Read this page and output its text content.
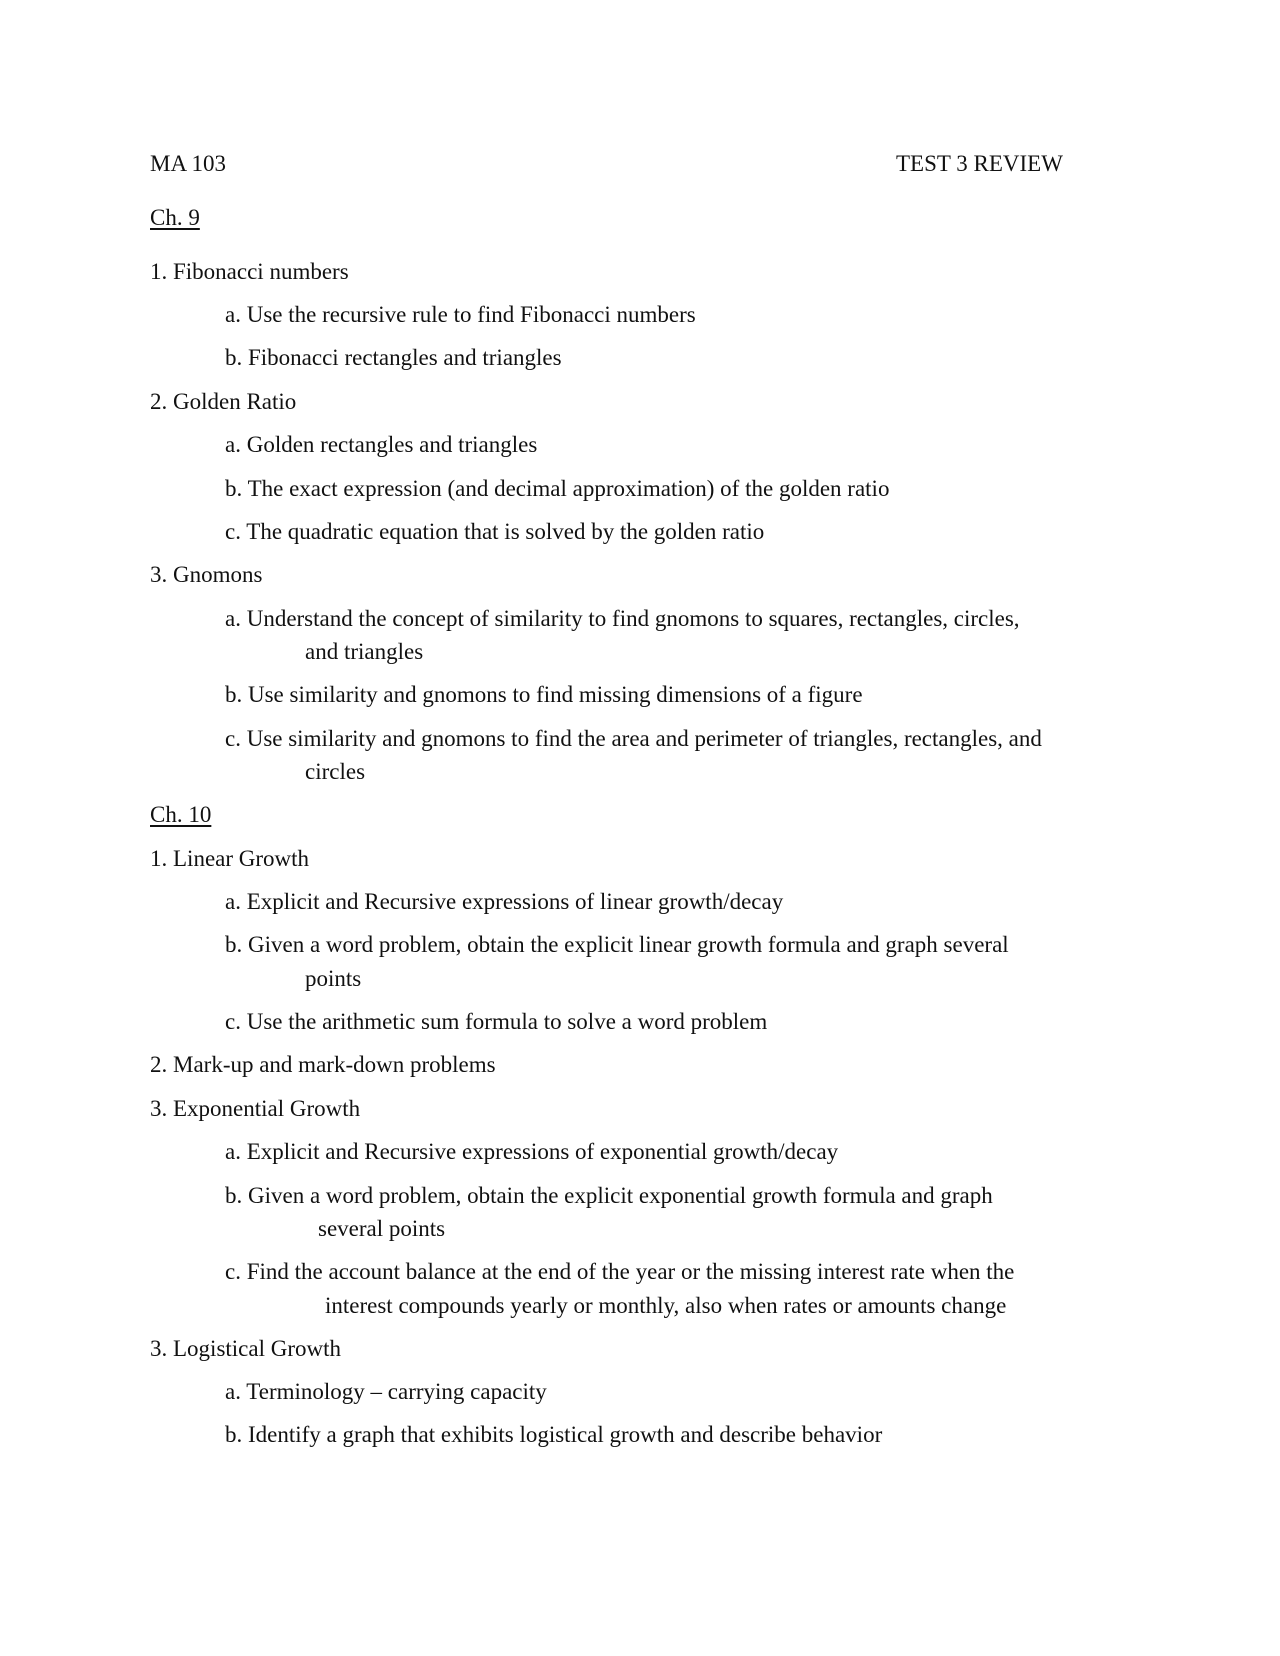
MA 103	TEST 3 REVIEW
Ch. 9
1. Fibonacci numbers
a. Use the recursive rule to find Fibonacci numbers
b. Fibonacci rectangles and triangles
2. Golden Ratio
a. Golden rectangles and triangles
b. The exact expression (and decimal approximation) of the golden ratio
c. The quadratic equation that is solved by the golden ratio
3. Gnomons
a. Understand the concept of similarity to find gnomons to squares, rectangles, circles,
and triangles
b. Use similarity and gnomons to find missing dimensions of a figure
c. Use similarity and gnomons to find the area and perimeter of triangles, rectangles, and
circles
Ch. 10
1. Linear Growth
a. Explicit and Recursive expressions of linear growth/decay
b. Given a word problem, obtain the explicit linear growth formula and graph several
points
c. Use the arithmetic sum formula to solve a word problem
2. Mark-up and mark-down problems
3. Exponential Growth
a. Explicit and Recursive expressions of exponential growth/decay
b. Given a word problem, obtain the explicit exponential growth formula and graph
several points
c. Find the account balance at the end of the year or the missing interest rate when the
interest compounds yearly or monthly, also when rates or amounts change
3. Logistical Growth
a. Terminology – carrying capacity
b. Identify a graph that exhibits logistical growth and describe behavior
